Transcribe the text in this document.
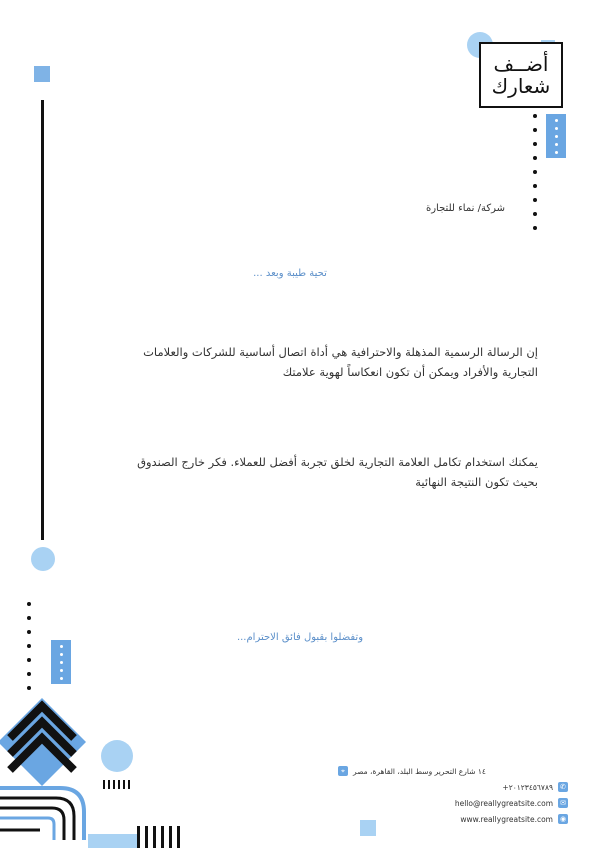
أضــف
شعارك
شركة/ نماء للتجارة
تحية طيبة وبعد ...
إن الرسالة الرسمية المذهلة والاحترافية هي أداة اتصال أساسية للشركات والعلامات التجارية والأفراد ويمكن أن تكون انعكاساً لهوية علامتك
يمكنك استخدام تكامل العلامة التجارية لخلق تجربة أفضل للعملاء. فكر خارج الصندوق بحيث تكون النتيجة النهائية
وتفضلوا بقبول فائق الاحترام...
⌖	١٤ شارع التحرير وسط البلد، القاهرة، مصر
✆
+٢٠١٢٣٤٥٦٧٨٩
✉
hello@reallygreatsite.com
◉
www.reallygreatsite.com
